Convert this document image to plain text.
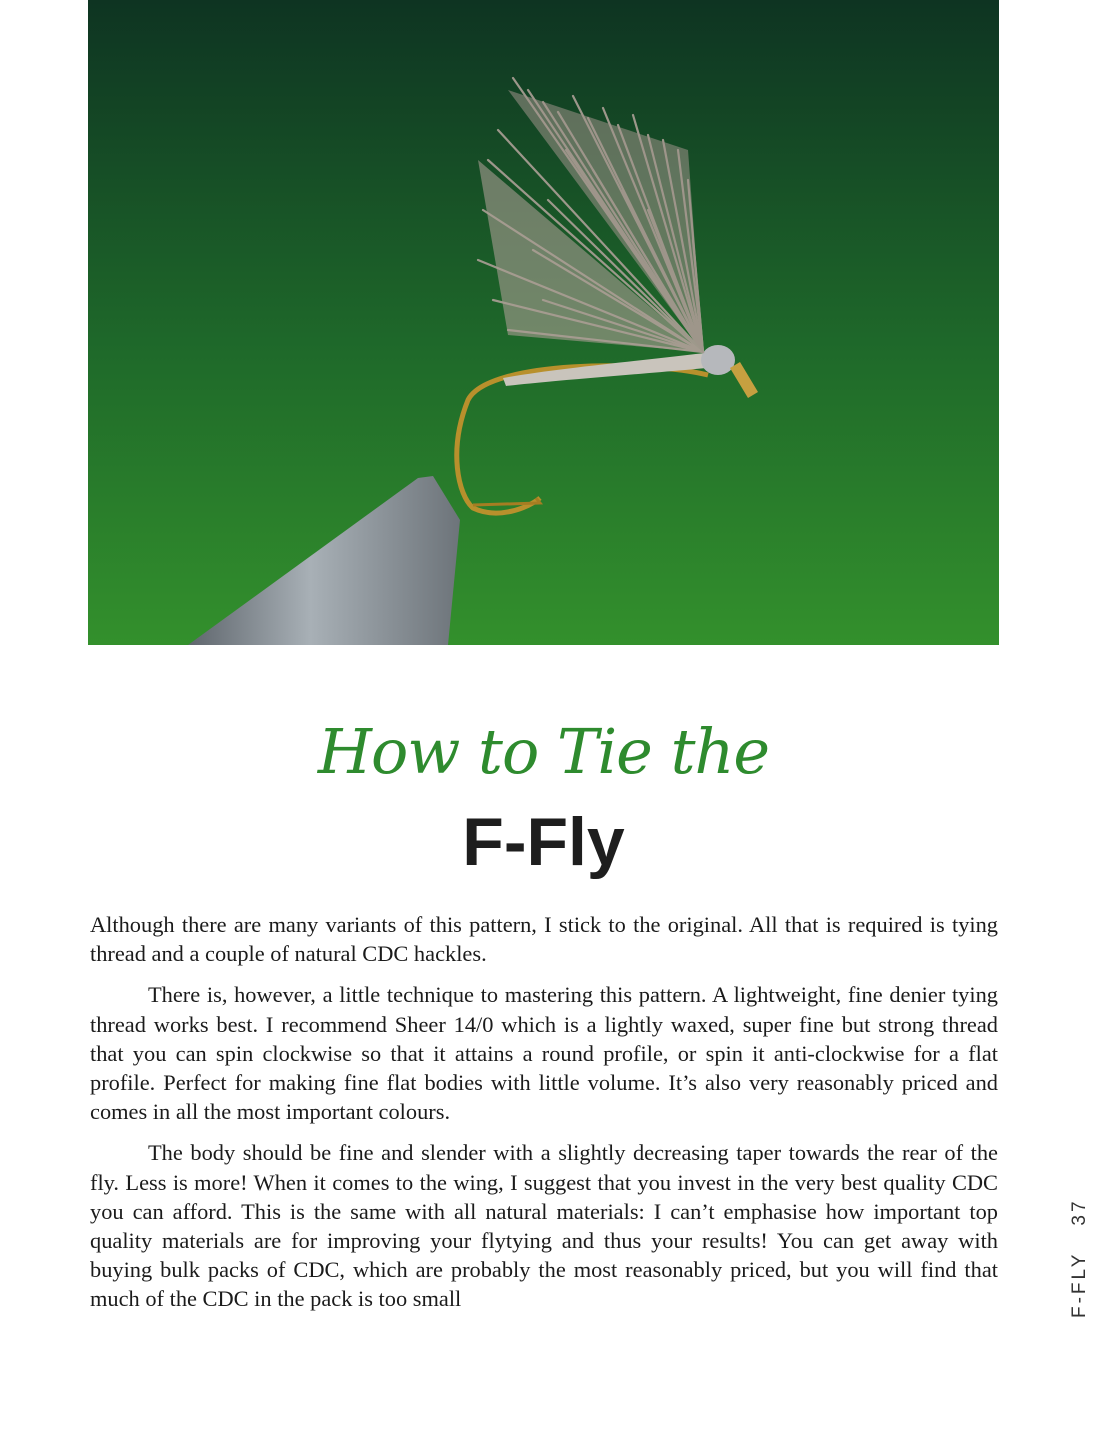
How to Tie the
F-Fly

Although there are many variants of this pattern, I stick to the original. All that is required is tying thread and a couple of natural CDC hackles.

There is, however, a little technique to mastering this pattern. A lightweight, fine denier tying thread works best. I recommend Sheer 14/0 which is a lightly waxed, super fine but strong thread that you can spin clockwise so that it attains a round profile, or spin it anti-clockwise for a flat profile. Perfect for making fine flat bodies with little volume. It’s also very reasonably priced and comes in all the most important colours.

The body should be fine and slender with a slightly decreasing taper towards the rear of the fly. Less is more! When it comes to the wing, I suggest that you invest in the very best quality CDC you can afford. This is the same with all natural materials: I can’t emphasise how important top quality materials are for improving your flytying and thus your results! You can get away with buying bulk packs of CDC, which are probably the most reasonably priced, but you will find that much of the CDC in the pack is too small	F-FLY37
